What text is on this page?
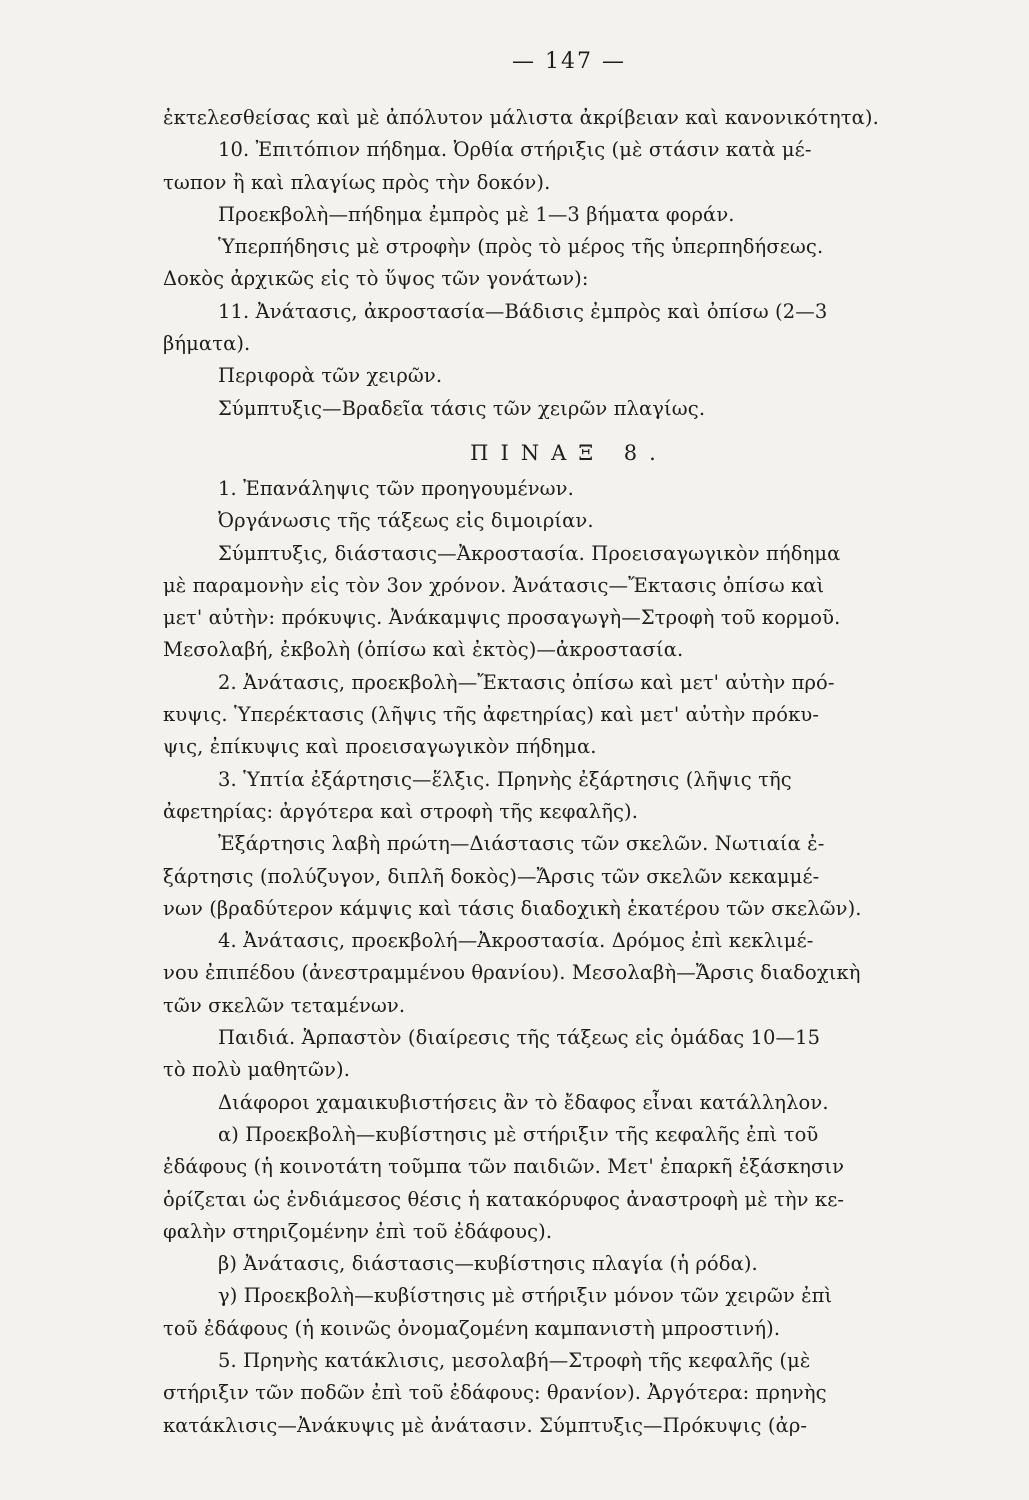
— 147 —
ἐκτελεσθείσας καὶ μὲ ἀπόλυτον μάλιστα ἀκρίβειαν καὶ κανονικότητα).
10. Ἐπιτόπιον πήδημα. Ὀρθία στήριξις (μὲ στάσιν κατὰ μέ-
τωπον ἢ καὶ πλαγίως πρὸς τὴν δοκόν).
Προεκβολὴ—πήδημα ἐμπρὸς μὲ 1—3 βήματα φοράν.
Ὑπερπήδησις μὲ στροφὴν (πρὸς τὸ μέρος τῆς ὑπερπηδήσεως.
Δοκὸς ἀρχικῶς εἰς τὸ ὕψος τῶν γονάτων):
11. Ἀνάτασις, ἀκροστασία—Βάδισις ἐμπρὸς καὶ ὀπίσω (2—3
βήματα).
Περιφορὰ τῶν χειρῶν.
Σύμπτυξις—Βραδεῖα τάσις τῶν χειρῶν πλαγίως.
ΠΙΝΑΞ 8.
1. Ἐπανάληψις τῶν προηγουμένων.
Ὀργάνωσις τῆς τάξεως εἰς διμοιρίαν.
Σύμπτυξις, διάστασις—Ἀκροστασία. Προεισαγωγικὸν πήδημα
μὲ παραμονὴν εἰς τὸν 3ον χρόνον. Ἀνάτασις—Ἔκτασις ὀπίσω καὶ
μετ' αὐτὴν: πρόκυψις. Ἀνάκαμψις προσαγωγὴ—Στροφὴ τοῦ κορμοῦ.
Μεσολαβή, ἐκβολὴ (ὀπίσω καὶ ἐκτὸς)—ἀκροστασία.
2. Ἀνάτασις, προεκβολὴ—Ἔκτασις ὀπίσω καὶ μετ' αὐτὴν πρό-
κυψις. Ὑπερέκτασις (λῆψις τῆς ἀφετηρίας) καὶ μετ' αὐτὴν πρόκυ-
ψις, ἐπίκυψις καὶ προεισαγωγικὸν πήδημα.
3. Ὑπτία ἐξάρτησις—ἕλξις. Πρηνὴς ἐξάρτησις (λῆψις τῆς
ἀφετηρίας: ἀργότερα καὶ στροφὴ τῆς κεφαλῆς).
Ἐξάρτησις λαβὴ πρώτη—Διάστασις τῶν σκελῶν. Νωτιαία ἐ-
ξάρτησις (πολύζυγον, διπλῆ δοκὸς)—Ἄρσις τῶν σκελῶν κεκαμμέ-
νων (βραδύτερον κάμψις καὶ τάσις διαδοχικὴ ἑκατέρου τῶν σκελῶν).
4. Ἀνάτασις, προεκβολή—Ἀκροστασία. Δρόμος ἐπὶ κεκλιμέ-
νου ἐπιπέδου (ἀνεστραμμένου θρανίου). Μεσολαβὴ—Ἄρσις διαδοχικὴ
τῶν σκελῶν τεταμένων.
Παιδιά. Ἁρπαστὸν (διαίρεσις τῆς τάξεως εἰς ὁμάδας 10—15
τὸ πολὺ μαθητῶν).
Διάφοροι χαμαικυβιστήσεις ἂν τὸ ἔδαφος εἶναι κατάλληλον.
α) Προεκβολὴ—κυβίστησις μὲ στήριξιν τῆς κεφαλῆς ἐπὶ τοῦ
ἐδάφους (ἡ κοινοτάτη τοῦμπα τῶν παιδιῶν. Μετ' ἐπαρκῆ ἐξάσκησιν
ὁρίζεται ὡς ἐνδιάμεσος θέσις ἡ κατακόρυφος ἀναστροφὴ μὲ τὴν κε-
φαλὴν στηριζομένην ἐπὶ τοῦ ἐδάφους).
β) Ἀνάτασις, διάστασις—κυβίστησις πλαγία (ἡ ρόδα).
γ) Προεκβολὴ—κυβίστησις μὲ στήριξιν μόνον τῶν χειρῶν ἐπὶ
τοῦ ἐδάφους (ἡ κοινῶς ὀνομαζομένη καμπανιστὴ μπροστινή).
5. Πρηνὴς κατάκλισις, μεσολαβή—Στροφὴ τῆς κεφαλῆς (μὲ
στήριξιν τῶν ποδῶν ἐπὶ τοῦ ἐδάφους: θρανίον). Ἀργότερα: πρηνὴς
κατάκλισις—Ἀνάκυψις μὲ ἀνάτασιν. Σύμπτυξις—Πρόκυψις (ἀρ-
